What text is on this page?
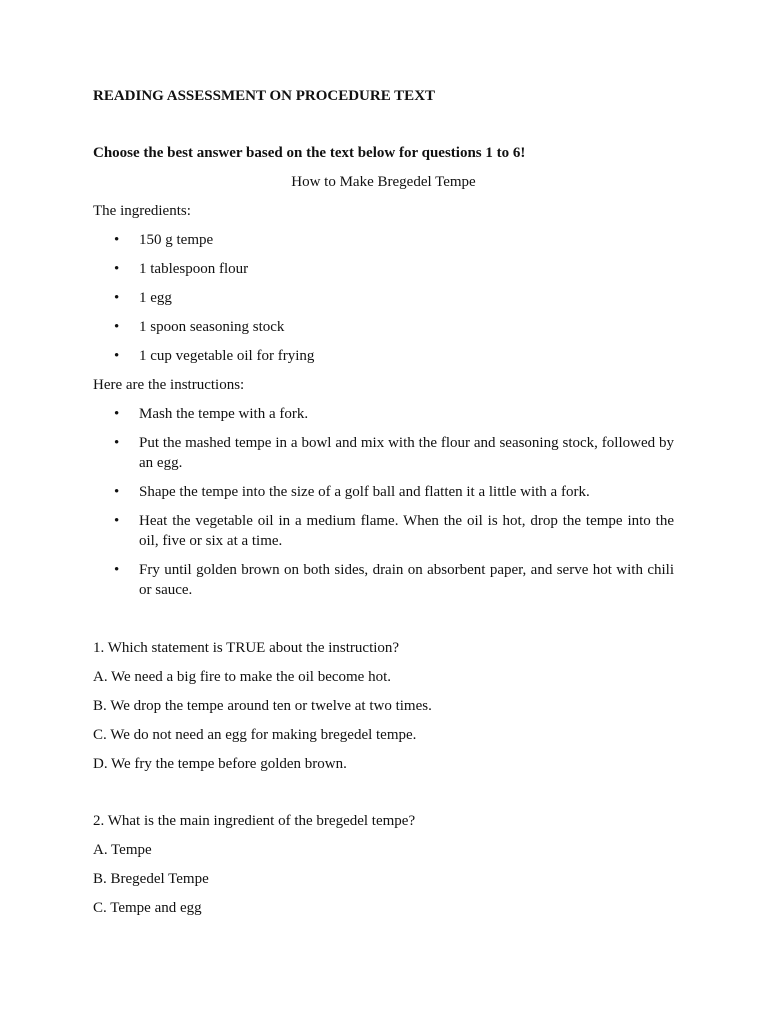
READING ASSESSMENT ON PROCEDURE TEXT

Choose the best answer based on the text below for questions 1 to 6!

How to Make Bregedel Tempe

The ingredients:

• 150 g tempe
• 1 tablespoon flour
• 1 egg
• 1 spoon seasoning stock
• 1 cup vegetable oil for frying

Here are the instructions:

• Mash the tempe with a fork.
• Put the mashed tempe in a bowl and mix with the flour and seasoning stock, followed by an egg.
• Shape the tempe into the size of a golf ball and flatten it a little with a fork.
• Heat the vegetable oil in a medium flame. When the oil is hot, drop the tempe into the oil, five or six at a time.
• Fry until golden brown on both sides, drain on absorbent paper, and serve hot with chili or sauce.

1. Which statement is TRUE about the instruction?

A. We need a big fire to make the oil become hot.

B. We drop the tempe around ten or twelve at two times.

C. We do not need an egg for making bregedel tempe.

D. We fry the tempe before golden brown.

2. What is the main ingredient of the bregedel tempe?

A. Tempe

B. Bregedel Tempe

C. Tempe and egg
